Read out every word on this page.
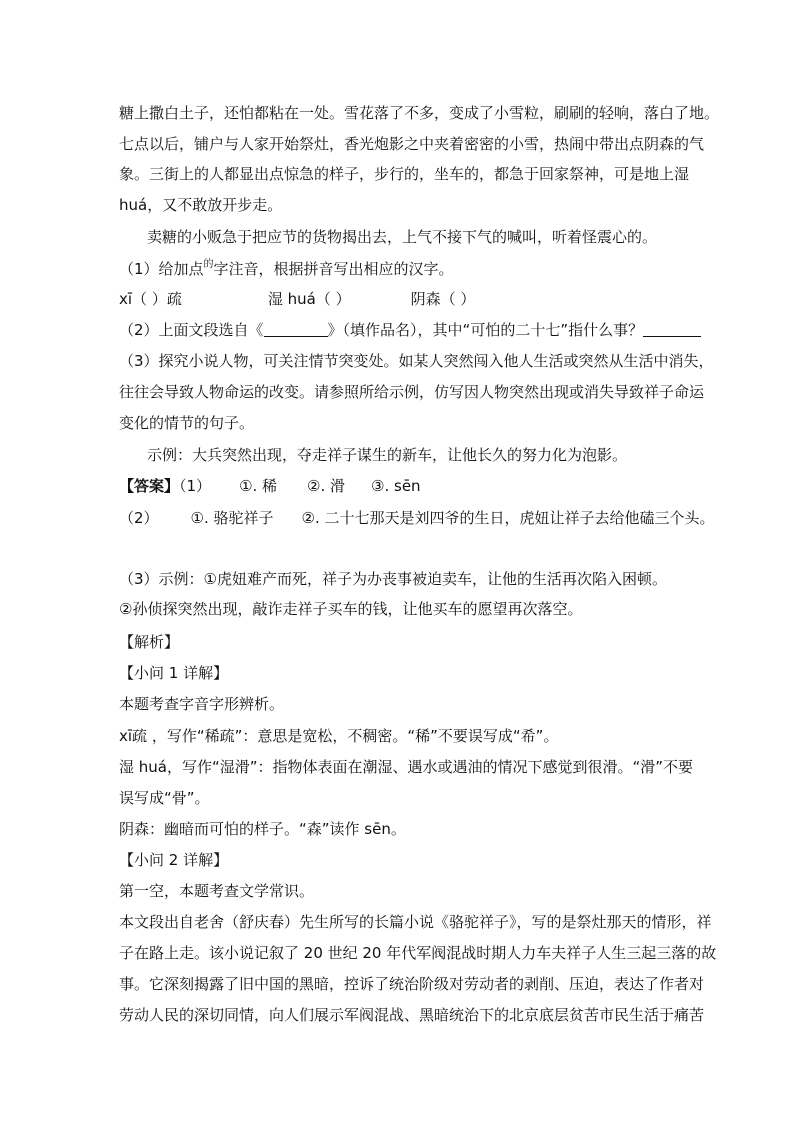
糖上撒白土子，还怕都粘在一处。雪花落了不多，变成了小雪粒，刷刷的轻响，落白了地。
七点以后，铺户与人家开始祭灶，香光炮影之中夹着密密的小雪，热闹中带出点阴森的气
象。三街上的人都显出点惊急的样子，步行的，坐车的，都急于回家祭神，可是地上湿
huá，又不敢放开步走。
卖糖的小贩急于把应节的货物揭出去，上气不接下气的喊叫，听着怪震心的。
（1）给加点$^的$字注音，根据拼音写出相应的汉字。
xī（ ）疏	湿 huá（ ）	阴森（ ）
（2）上面文段选自《	》（填作品名），其中“可怕的二十七”指什么事？
（3）探究小说人物，可关注情节突变处。如某人突然闯入他人生活或突然从生活中消失，
往往会导致人物命运的改变。请参照所给示例，仿写因人物突然出现或消失导致祥子命运
变化的情节的句子。
示例：大兵突然出现，夺走祥子谋生的新车，让他长久的努力化为泡影。
【答案】（1） ①. 稀 ②. 滑 ③. sēn
（2） ①. 骆驼祥子 ②. 二十七那天是刘四爷的生日，虎妞让祥子去给他磕三个头。
（3）示例：①虎妞难产而死，祥子为办丧事被迫卖车，让他的生活再次陷入困顿。
②孙侦探突然出现，敲诈走祥子买车的钱，让他买车的愿望再次落空。
【解析】
【小问 1 详解】
本题考查字音字形辨析。
xī疏 ，写作“稀疏”：意思是宽松，不稠密。“稀”不要误写成“希”。
湿 huá，写作“湿滑”：指物体表面在潮湿、遇水或遇油的情况下感觉到很滑。“滑”不要
误写成“骨”。
阴森：幽暗而可怕的样子。“森”读作 sēn。
【小问 2 详解】
第一空，本题考查文学常识。
本文段出自老舍（舒庆春）先生所写的长篇小说《骆驼祥子》，写的是祭灶那天的情形，祥
子在路上走。该小说记叙了 20 世纪 20 年代军阀混战时期人力车夫祥子人生三起三落的故
事。它深刻揭露了旧中国的黑暗，控诉了统治阶级对劳动者的剥削、压迫，表达了作者对
劳动人民的深切同情，向人们展示军阀混战、黑暗统治下的北京底层贫苦市民生活于痛苦
